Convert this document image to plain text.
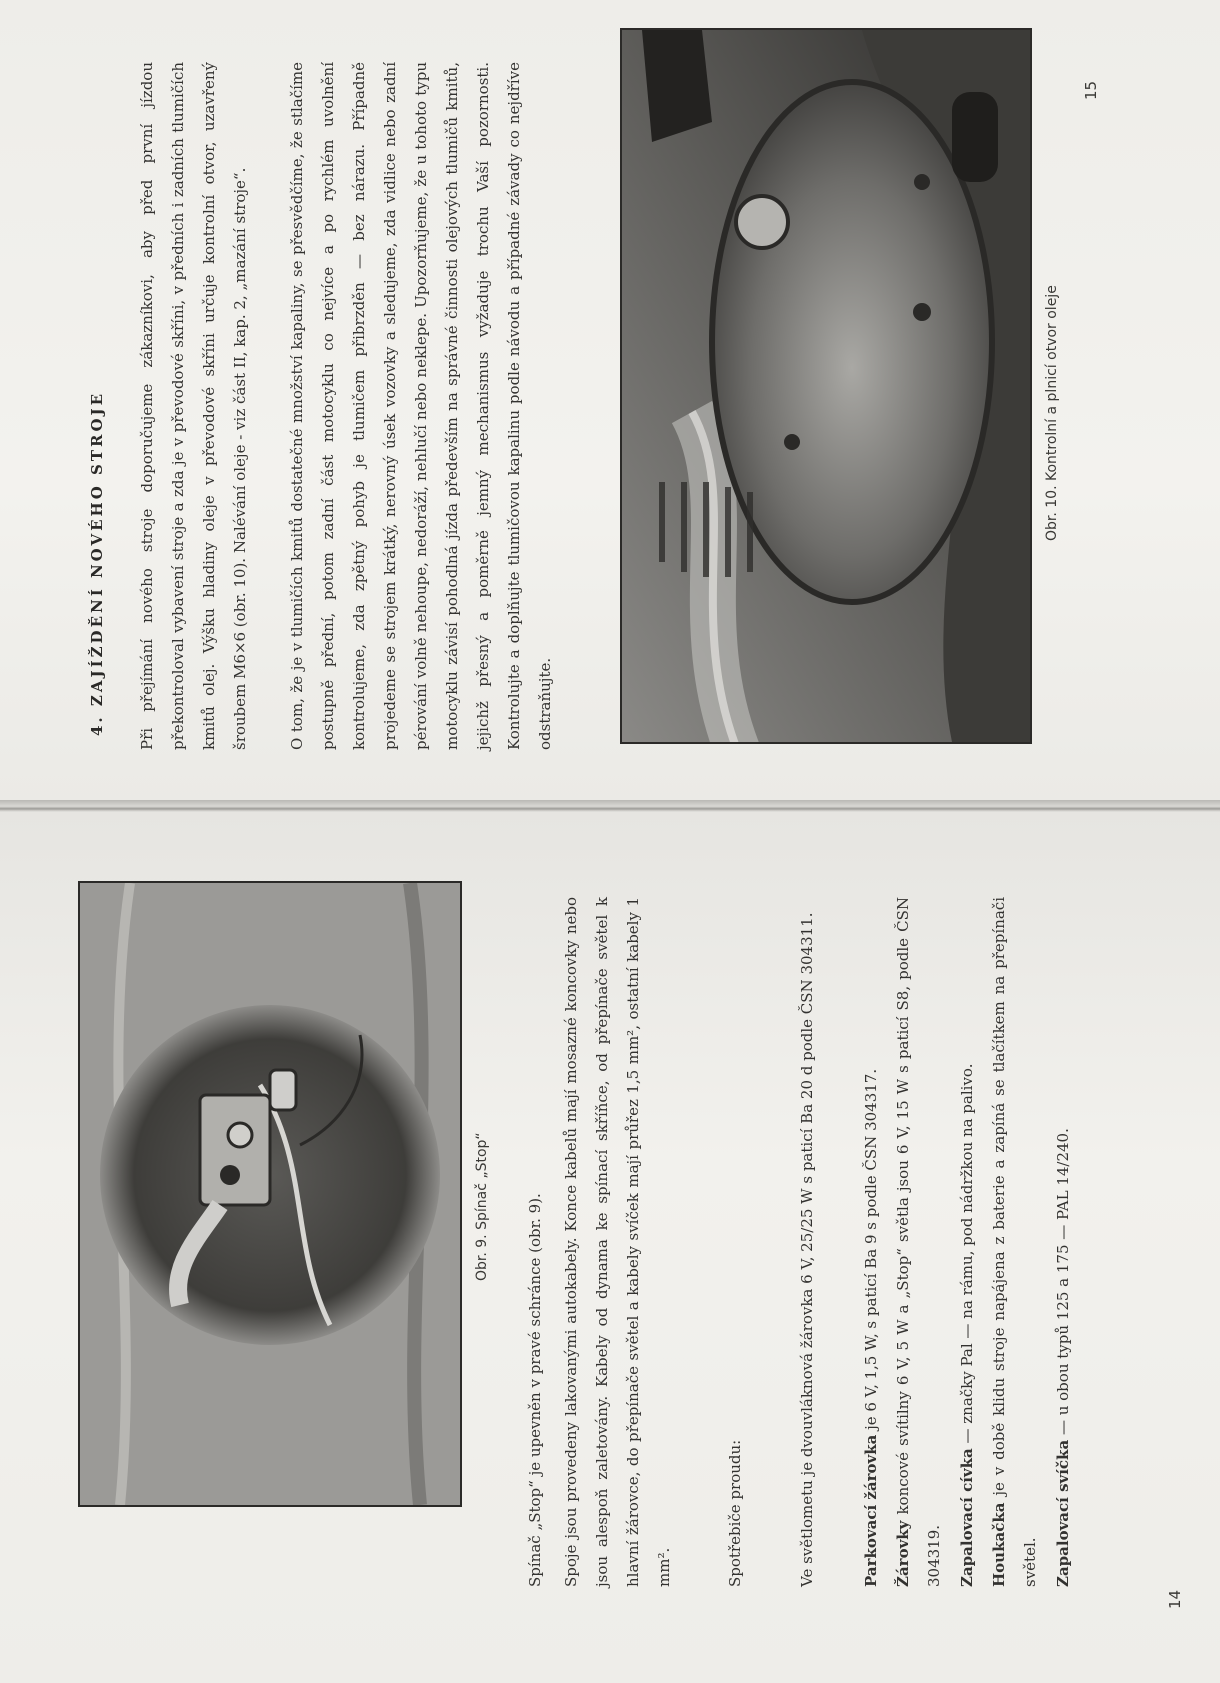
4. ZAJÍŽDĚNÍ NOVÉHO STROJE	Při přejímání nového stroje doporučujeme zákazníkovi, aby před první jízdou překontroloval vybavení stroje a zda je v převodové skříni, v předních i zadních tlumičích kmitů olej. Výšku hladiny oleje v převodové skříni určuje kontrolní otvor, uzavřený šroubem M6×6 (obr. 10). Nalévání oleje - viz část II, kap. 2, „mazání stroje“.	O tom, že je v tlumičích kmitů dostatečné množství kapaliny, se přesvědčíme, že stlačíme postupně přední, potom zadní část motocyklu co nejvíce a po rychlém uvolnění kontrolujeme, zda zpětný pohyb je tlumičem přibrzděn — bez nárazu. Případně projedeme se strojem krátký, nerovný úsek vozovky a sledujeme, zda vidlice nebo zadní pérování volně nehoupe, nedoráží, nehlučí nebo neklepe. Upozorňujeme, že u tohoto typu motocyklu závisí pohodlná jízda především na správné činnosti olejových tlumičů kmitů, jejichž přesný a poměrně jemný mechanismus vyžaduje trochu Vaší pozornosti. Kontrolujte a doplňujte tlumičovou kapalinu podle návodu a případné závady co nejdříve odstraňujte.
Obr. 10. Kontrolní a plnicí otvor oleje
15
Obr. 9. Spínač „Stop“	Spínač „Stop“ je upevněn v pravé schránce (obr. 9).	Spoje jsou provedeny lakovanými autokabely. Konce kabelů mají mosazné koncovky nebo jsou alespoň zaletovány. Kabely od dynama ke spínací skříňce, od přepínače světel k hlavní žárovce, do přepínače světel a kabely svíček mají průřez 1,5 mm², ostatní kabely 1 mm².	Spotřebiče proudu:	Ve světlometu je dvouvláknová žárovka 6 V, 25/25 W s paticí Ba 20 d podle ČSN 304311.	Parkovací žárovka je 6 V, 1,5 W, s paticí Ba 9 s podle ČSN 304317.
Žárovky koncové svítilny 6 V, 5 W a „Stop“ světla jsou 6 V, 15 W s paticí S8, podle ČSN 304319.	Zapalovací cívka — značky Pal — na rámu, pod nádržkou na palivo.
Houkačka je v době klidu stroje napájena z baterie a zapíná se tlačítkem na přepínači světel.	Zapalovací svíčka — u obou typů 125 a 175 — PAL 14/240.
14
